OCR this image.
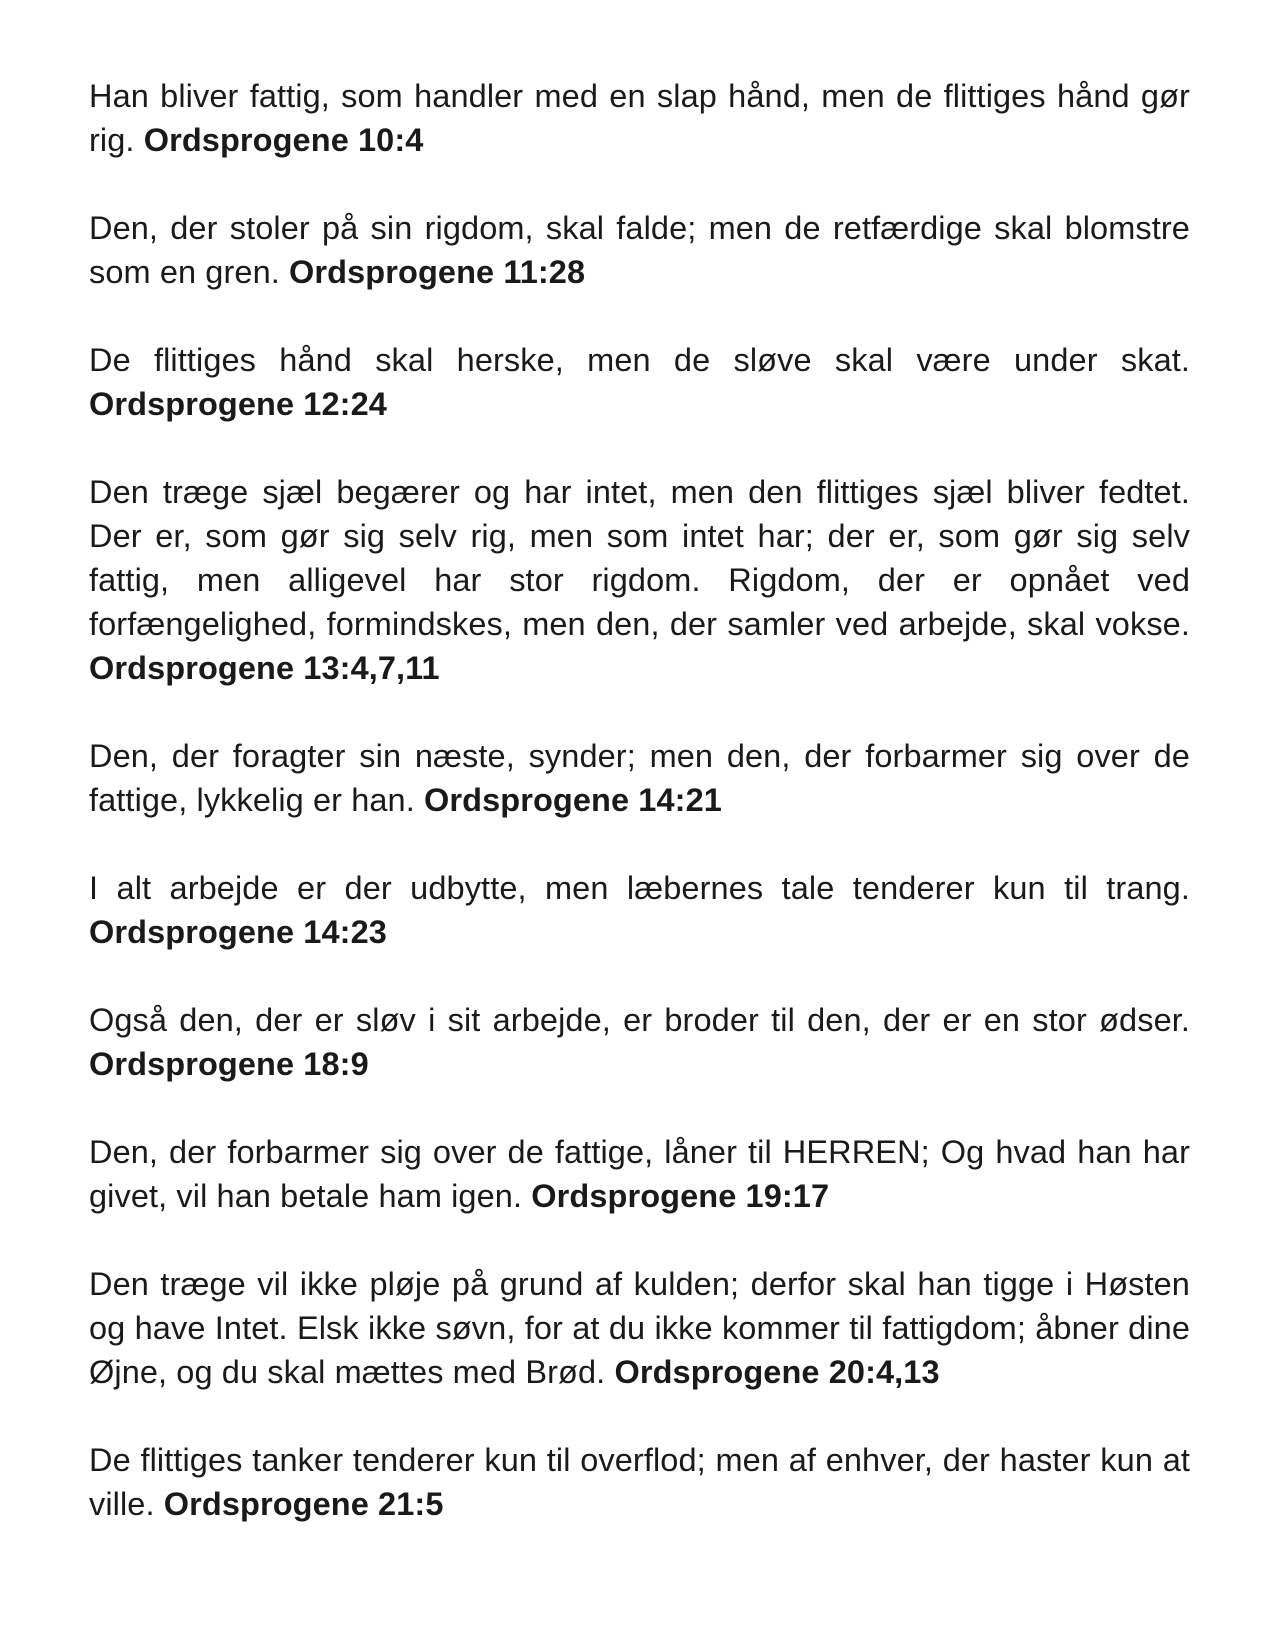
Han bliver fattig, som handler med en slap hånd, men de flittiges hånd gør rig. Ordsprogene 10:4

Den, der stoler på sin rigdom, skal falde; men de retfærdige skal blomstre som en gren. Ordsprogene 11:28

De flittiges hånd skal herske, men de sløve skal være under skat. Ordsprogene 12:24

Den træge sjæl begærer og har intet, men den flittiges sjæl bliver fedtet. Der er, som gør sig selv rig, men som intet har; der er, som gør sig selv fattig, men alligevel har stor rigdom. Rigdom, der er opnået ved forfængelighed, formindskes, men den, der samler ved arbejde, skal vokse. Ordsprogene 13:4,7,11

Den, der foragter sin næste, synder; men den, der forbarmer sig over de fattige, lykkelig er han. Ordsprogene 14:21

I alt arbejde er der udbytte, men læbernes tale tenderer kun til trang. Ordsprogene 14:23

Også den, der er sløv i sit arbejde, er broder til den, der er en stor ødser. Ordsprogene 18:9

Den, der forbarmer sig over de fattige, låner til HERREN; Og hvad han har givet, vil han betale ham igen. Ordsprogene 19:17

Den træge vil ikke pløje på grund af kulden; derfor skal han tigge i Høsten og have Intet. Elsk ikke søvn, for at du ikke kommer til fattigdom; åbner dine Øjne, og du skal mættes med Brød. Ordsprogene 20:4,13

De flittiges tanker tenderer kun til overflod; men af enhver, der haster kun at ville. Ordsprogene 21:5
